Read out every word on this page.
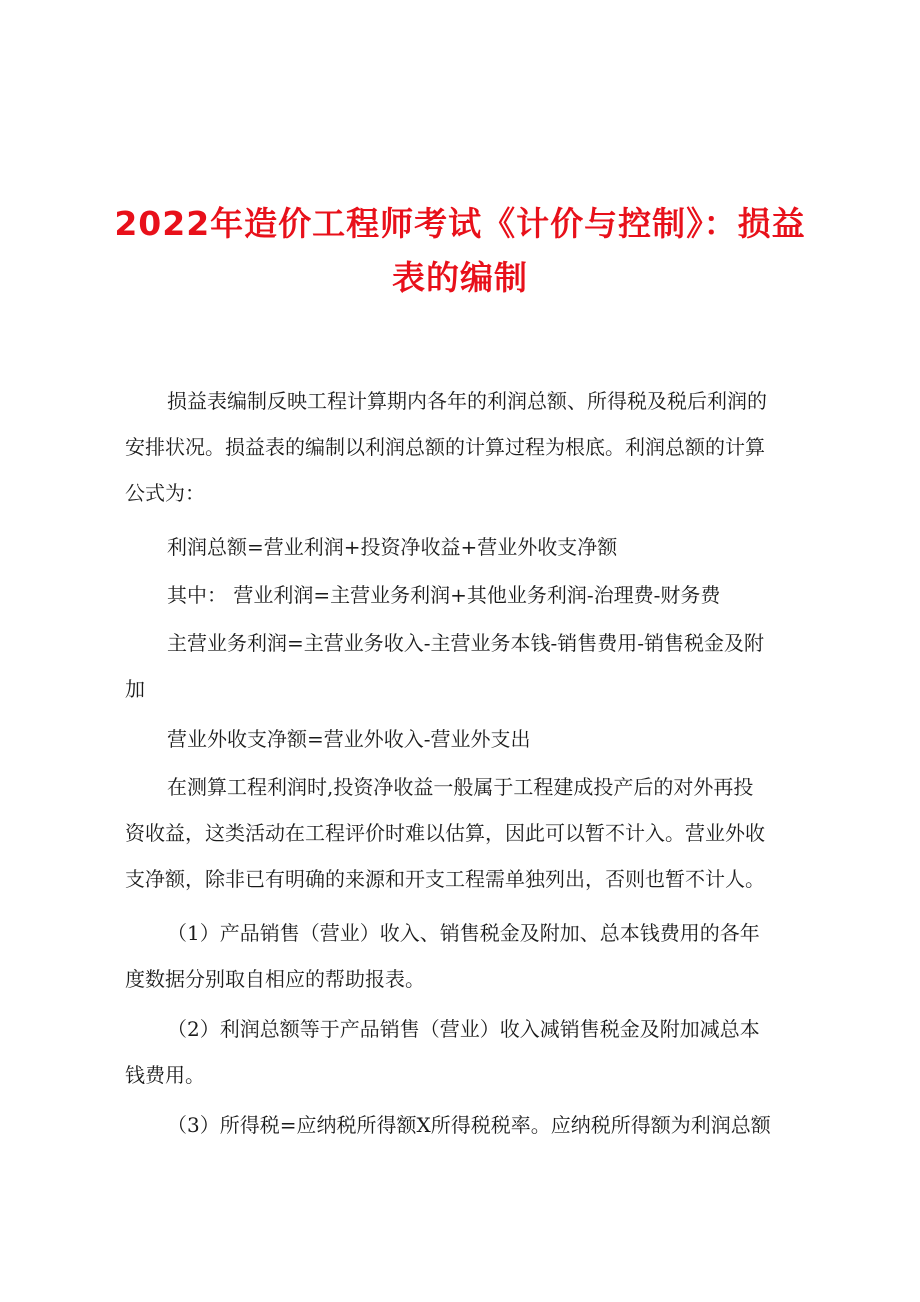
2022年造价工程师考试《计价与控制》：损益
表的编制

损益表编制反映工程计算期内各年的利润总额、所得税及税后利润的
安排状况。损益表的编制以利润总额的计算过程为根底。利润总额的计算
公式为：

利润总额=营业利润+投资净收益+营业外收支净额

其中： 营业利润=主营业务利润+其他业务利润-治理费-财务费

主营业务利润=主营业务收入-主营业务本钱-销售费用-销售税金及附
加

营业外收支净额=营业外收入-营业外支出

在测算工程利润时,投资净收益一般属于工程建成投产后的对外再投
资收益，这类活动在工程评价时难以估算，因此可以暂不计入。营业外收
支净额，除非已有明确的来源和开支工程需单独列出，否则也暂不计人。

（1）产品销售（营业）收入、销售税金及附加、总本钱费用的各年
度数据分别取自相应的帮助报表。

（2）利润总额等于产品销售（营业）收入减销售税金及附加减总本
钱费用。

（3）所得税=应纳税所得额X所得税税率。应纳税所得额为利润总额
